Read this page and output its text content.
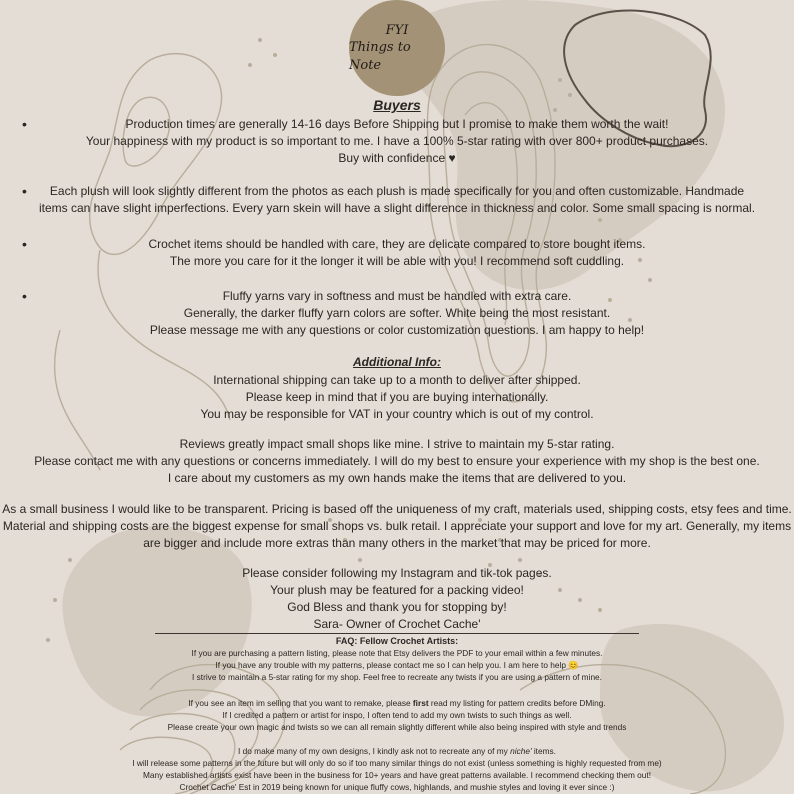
FYI
Things to Note
Buyers
•	Production times are generally 14-16 days Before Shipping but I promise to make them worth the wait!
Your happiness with my product is so important to me. I have a 100% 5-star rating with over 800+ product purchases.
Buy with confidence ♥
•	Each plush will look slightly different from the photos as each plush is made specifically for you and often customizable. Handmade
items can have slight imperfections. Every yarn skein will have a slight difference in thickness and color. Some small spacing is normal.
•	Crochet items should be handled with care, they are delicate compared to store bought items.
The more you care for it the longer it will be able with you! I recommend soft cuddling.
•	Fluffy yarns vary in softness and must be handled with extra care.
Generally, the darker fluffy yarn colors are softer. White being the most resistant.
Please message me with any questions or color customization questions. I am happy to help!
Additional Info:
International shipping can take up to a month to deliver after shipped.
Please keep in mind that if you are buying internationally.
You may be responsible for VAT in your country which is out of my control.
Reviews greatly impact small shops like mine. I strive to maintain my 5-star rating.
Please contact me with any questions or concerns immediately. I will do my best to ensure your experience with my shop is the best one.
I care about my customers as my own hands make the items that are delivered to you.
As a small business I would like to be transparent. Pricing is based off the uniqueness of my craft, materials used, shipping costs, etsy fees and time.
Material and shipping costs are the biggest expense for small shops vs. bulk retail. I appreciate your support and love for my art. Generally, my items
are bigger and include more extras than many others in the market that may be priced for more.
Please consider following my Instagram and tik-tok pages.
Your plush may be featured for a packing video!
God Bless and thank you for stopping by!
Sara- Owner of Crochet Cache'
FAQ: Fellow Crochet Artists:
If you are purchasing a pattern listing, please note that Etsy delivers the PDF to your email within a few minutes.
If you have any trouble with my patterns, please contact me so I can help you. I am here to help 😊
I strive to maintain a 5-star rating for my shop. Feel free to recreate any twists if you are using a pattern of mine.
If you see an item im selling that you want to remake, please first read my listing for pattern credits before DMing.
If I credited a pattern or artist for inspo, I often tend to add my own twists to such things as well.
Please create your own magic and twists so we can all remain slightly different while also being inspired with style and trends
I do make many of my own designs, I kindly ask not to recreate any of my niche' items.
I will release some patterns in the future but will only do so if too many similar things do not exist (unless something is highly requested from me)
Many established artists exist have been in the business for 10+ years and have great patterns available. I recommend checking them out!
Crochet Cache' Est in 2019 being known for unique fluffy cows, highlands, and mushie styles and loving it ever since :)
